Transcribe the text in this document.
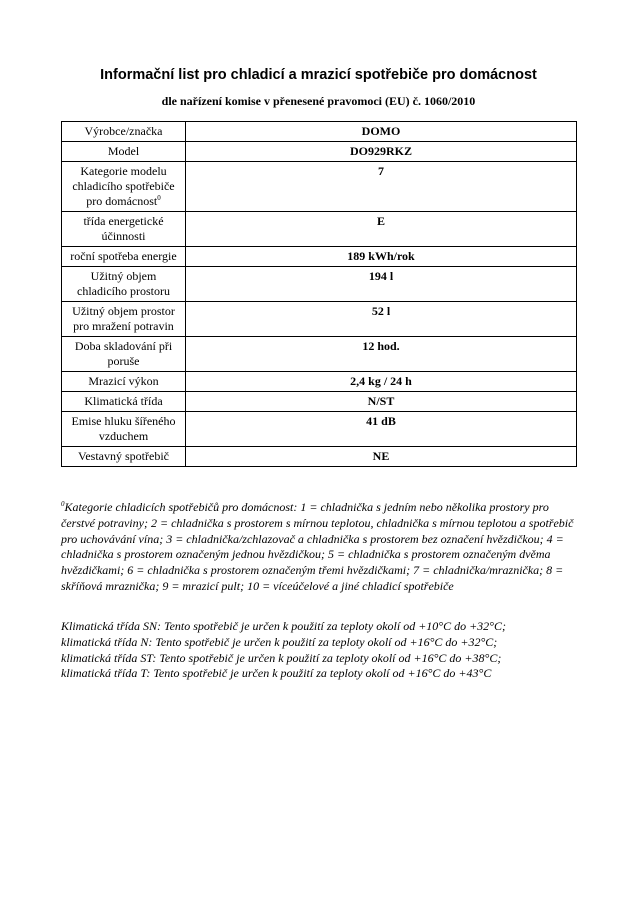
Informační list pro chladicí a mrazicí spotřebiče pro domácnost
dle nařízení komise v přenesené pravomoci (EU) č. 1060/2010
Výrobce/značka	DOMO
Model	DO929RKZ
Kategorie modelu chladicího spotřebiče pro domácnost$^0$	7
třída energetické účinnosti	E
roční spotřeba energie	189 kWh/rok
Užitný objem chladicího prostoru	194 l
Užitný objem prostor pro mražení potravin	52 l
Doba skladování při poruše	12 hod.
Mrazicí výkon	2,4 kg / 24 h
Klimatická třída	N/ST
Emise hluku šířeného vzduchem	41 dB
Vestavný spotřebič	NE
$^0$Kategorie chladicích spotřebičů pro domácnost: 1 = chladnička s jedním nebo několika prostory pro čerstvé potraviny; 2 = chladnička s prostorem s mírnou teplotou, chladnička s mírnou teplotou a spotřebič pro uchovávání vína; 3 = chladnička/zchlazovač a chladnička s prostorem bez označení hvězdičkou; 4 = chladnička s prostorem označeným jednou hvězdičkou; 5 = chladnička s prostorem označeným dvěma hvězdičkami; 6 = chladnička s prostorem označeným třemi hvězdičkami; 7 = chladnička/mraznička; 8 = skříňová mraznička; 9 = mrazicí pult; 10 = víceúčelové a jiné chladicí spotřebiče
Klimatická třída SN: Tento spotřebič je určen k použití za teploty okolí od +10°C do +32°C;
klimatická třída N: Tento spotřebič je určen k použití za teploty okolí od +16°C do +32°C;
klimatická třída ST: Tento spotřebič je určen k použití za teploty okolí od +16°C do +38°C;
klimatická třída T: Tento spotřebič je určen k použití za teploty okolí od +16°C do +43°C
